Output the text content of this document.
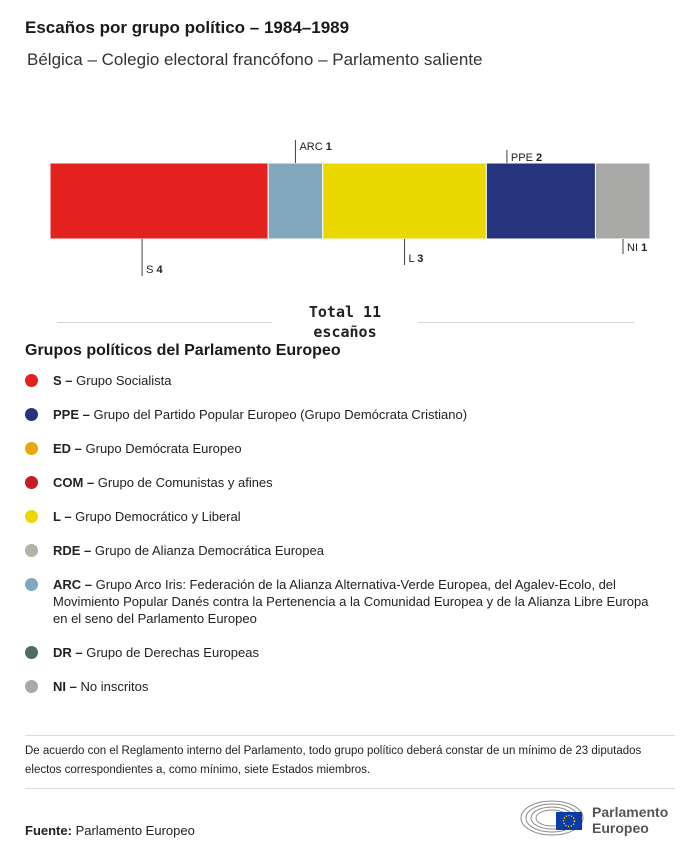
Escaños por grupo político – 1984–1989
Bélgica – Colegio electoral francófono – Parlamento saliente
S 4
ARC 1
L 3
PPE 2
NI 1
Total 11
escaños
Grupos políticos del Parlamento Europeo
S – Grupo Socialista
PPE – Grupo del Partido Popular Europeo (Grupo Demócrata Cristiano)
ED – Grupo Demócrata Europeo
COM – Grupo de Comunistas y afines
L – Grupo Democrático y Liberal
RDE – Grupo de Alianza Democrática Europea
ARC – Grupo Arco Iris: Federación de la Alianza Alternativa-Verde Europea, del Agalev-Ecolo, del Movimiento Popular Danés contra la Pertenencia a la Comunidad Europea y de la Alianza Libre Europa en el seno del Parlamento Europeo
DR – Grupo de Derechas Europeas
NI – No inscritos
De acuerdo con el Reglamento interno del Parlamento, todo grupo político deberá constar de un mínimo de 23 diputados electos correspondientes a, como mínimo, siete Estados miembros.
Fuente: Parlamento Europeo
Parlamento
Europeo
